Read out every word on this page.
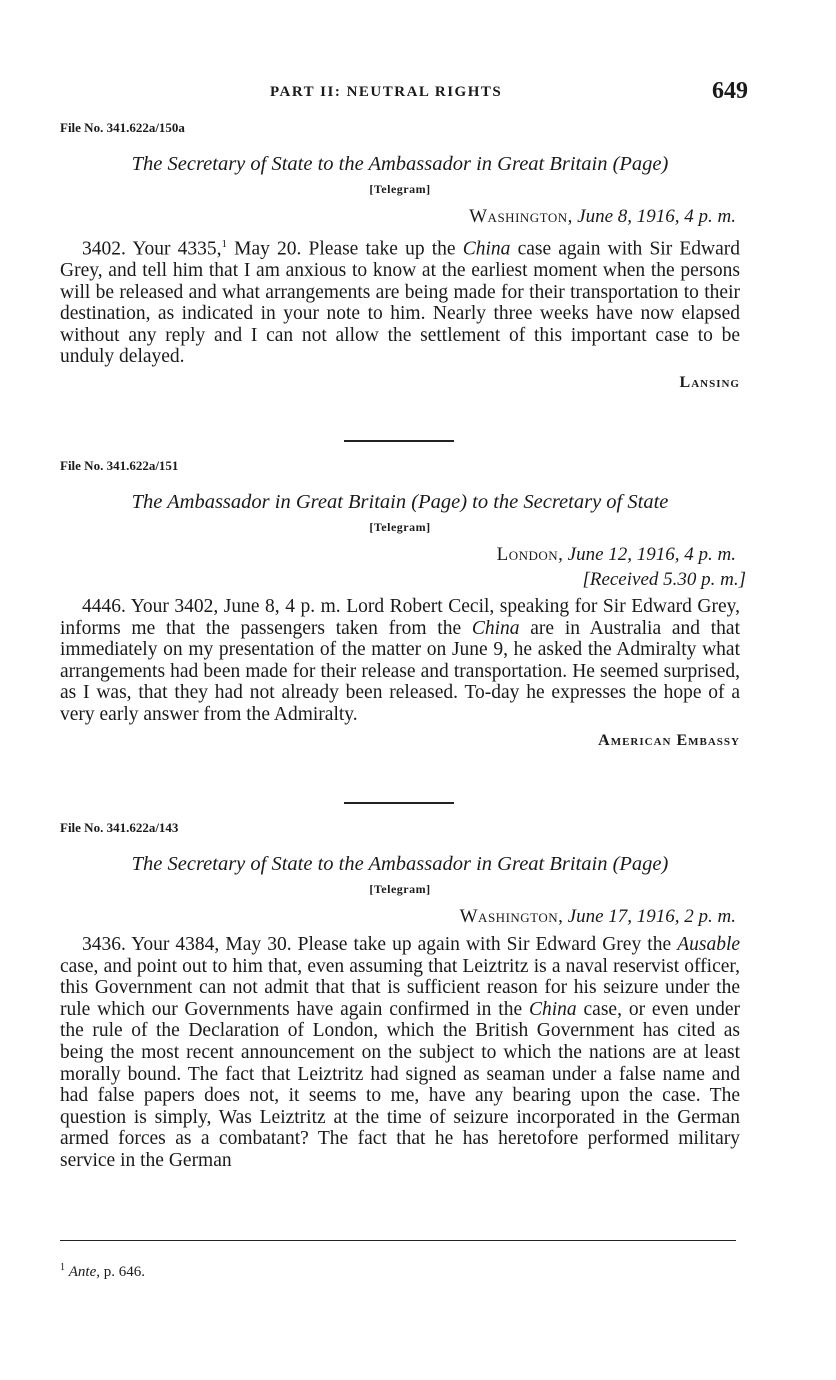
PART II: NEUTRAL RIGHTS	649

File No. 341.622a/150a

The Secretary of State to the Ambassador in Great Britain (Page)

[Telegram]

Washington, June 8, 1916, 4 p. m.

3402. Your 4335,$^1$ May 20. Please take up the China case again with Sir Edward Grey, and tell him that I am anxious to know at the earliest moment when the persons will be released and what arrangements are being made for their transportation to their destination, as indicated in your note to him. Nearly three weeks have now elapsed without any reply and I can not allow the settlement of this important case to be unduly delayed.

Lansing

File No. 341.622a/151

The Ambassador in Great Britain (Page) to the Secretary of State

[Telegram]

London, June 12, 1916, 4 p. m.

[Received 5.30 p. m.]

4446. Your 3402, June 8, 4 p. m. Lord Robert Cecil, speaking for Sir Edward Grey, informs me that the passengers taken from the China are in Australia and that immediately on my presentation of the matter on June 9, he asked the Admiralty what arrangements had been made for their release and transportation. He seemed surprised, as I was, that they had not already been released. To-day he expresses the hope of a very early answer from the Admiralty.

American Embassy

File No. 341.622a/143

The Secretary of State to the Ambassador in Great Britain (Page)

[Telegram]

Washington, June 17, 1916, 2 p. m.

3436. Your 4384, May 30. Please take up again with Sir Edward Grey the Ausable case, and point out to him that, even assuming that Leiztritz is a naval reservist officer, this Government can not admit that that is sufficient reason for his seizure under the rule which our Governments have again confirmed in the China case, or even under the rule of the Declaration of London, which the British Government has cited as being the most recent announcement on the subject to which the nations are at least morally bound. The fact that Leiztritz had signed as seaman under a false name and had false papers does not, it seems to me, have any bearing upon the case. The question is simply, Was Leiztritz at the time of seizure incorporated in the German armed forces as a combatant? The fact that he has heretofore performed military service in the German

$^1$ Ante, p. 646.
